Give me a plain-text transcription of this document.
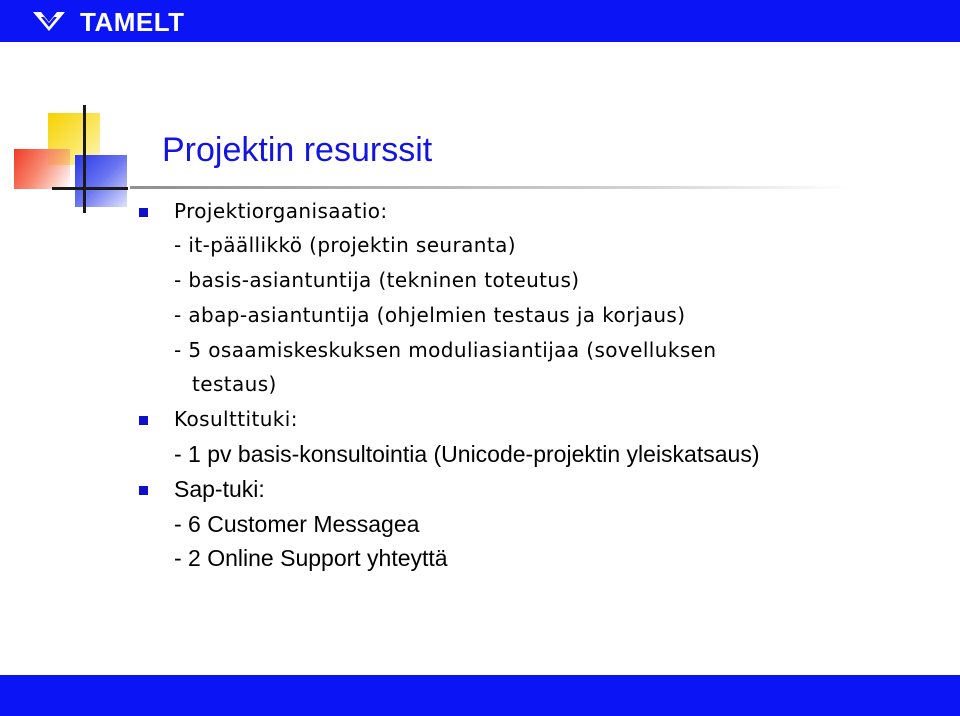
TAMELT
Projektin resurssit
Projektiorganisaatio:
- it-päällikkö (projektin seuranta)
- basis-asiantuntija (tekninen toteutus)
- abap-asiantuntija (ohjelmien testaus ja korjaus)
- 5 osaamiskeskuksen moduliasiantijaa (sovelluksen
testaus)
Kosulttituki:
- 1 pv basis-konsultointia (Unicode-projektin yleiskatsaus)
Sap-tuki:
- 6 Customer Messagea
- 2 Online Support yhteyttä
